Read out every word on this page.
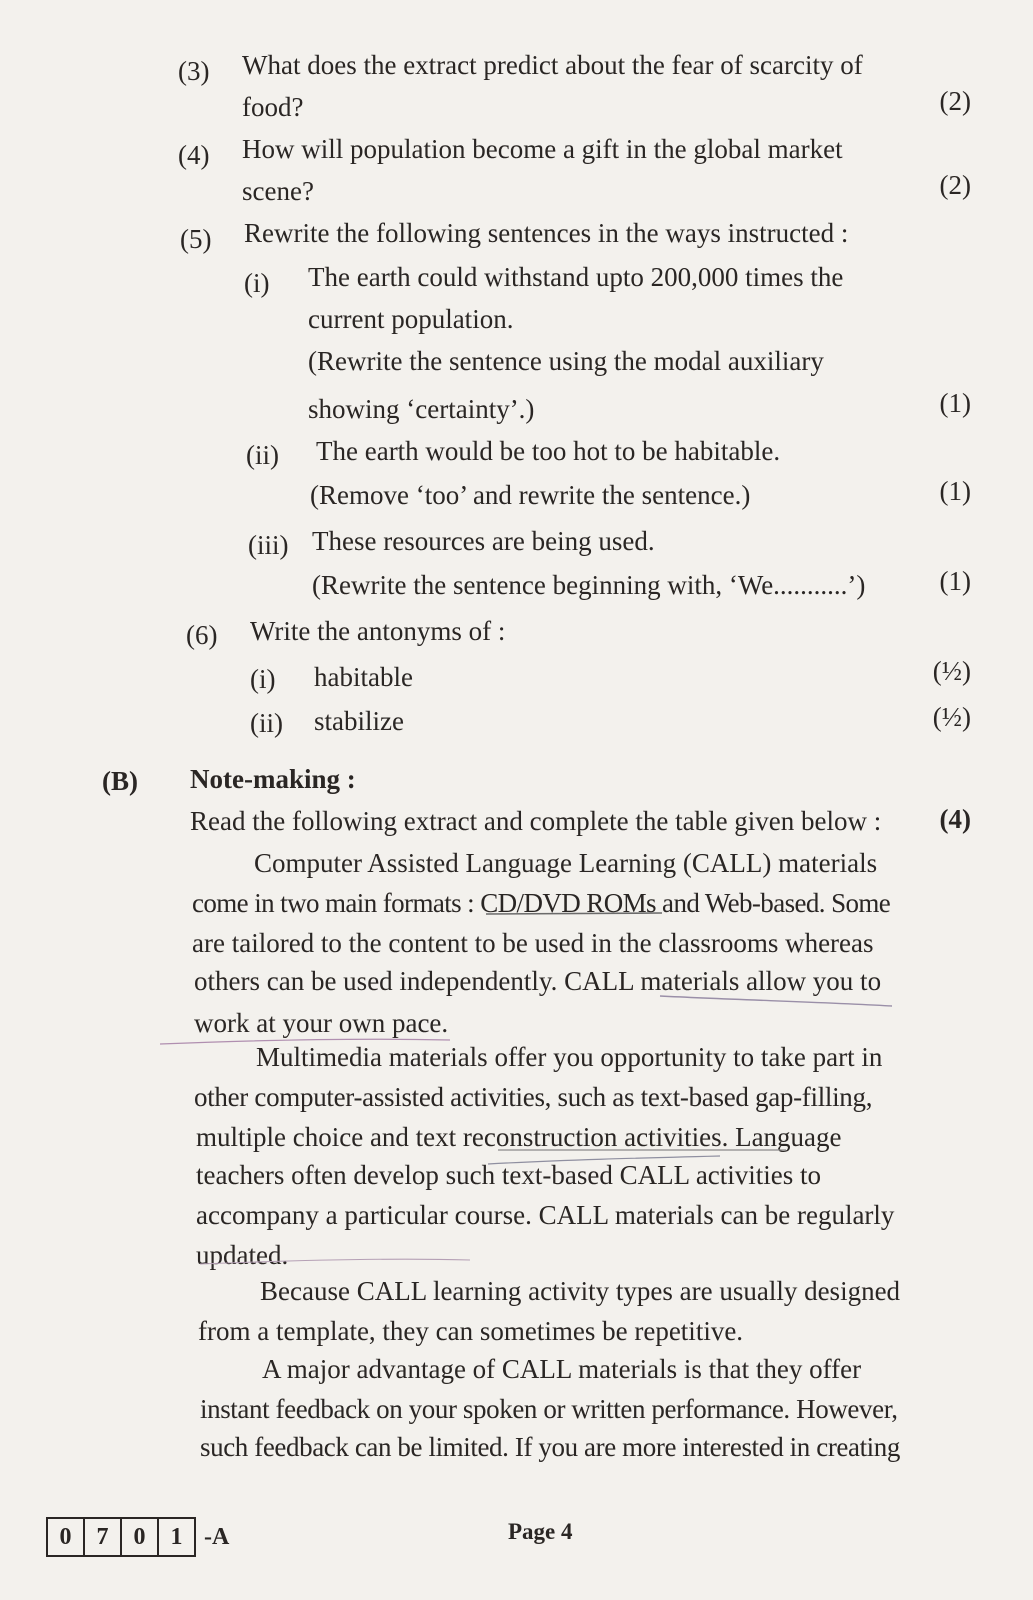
(3) What does the extract predict about the fear of scarcity of
food?	(2)
(4) How will population become a gift in the global market
scene?	(2)
(5) Rewrite the following sentences in the ways instructed :
(i) The earth could withstand upto 200,000 times the
current population.
(Rewrite the sentence using the modal auxiliary
showing ‘certainty’.)	(1)
(ii) The earth would be too hot to be habitable.
(Remove ‘too’ and rewrite the sentence.)	(1)
(iii) These resources are being used.
(Rewrite the sentence beginning with, ‘We...........’)	(1)
(6) Write the antonyms of :
(i) habitable	(½)
(ii) stabilize	(½)
(B) Note-making :
Read the following extract and complete the table given below : (4)
Computer Assisted Language Learning (CALL) materials
come in two main formats : CD/DVD ROMs and Web-based. Some
are tailored to the content to be used in the classrooms whereas
others can be used independently. CALL materials allow you to
work at your own pace.
Multimedia materials offer you opportunity to take part in
other computer-assisted activities, such as text-based gap-filling,
multiple choice and text reconstruction activities. Language
teachers often develop such text-based CALL activities to
accompany a particular course. CALL materials can be regularly
updated.
Because CALL learning activity types are usually designed
from a template, they can sometimes be repetitive.
A major advantage of CALL materials is that they offer
instant feedback on your spoken or written performance. However,
such feedback can be limited. If you are more interested in creating
0	7	0	1 -A	Page 4
